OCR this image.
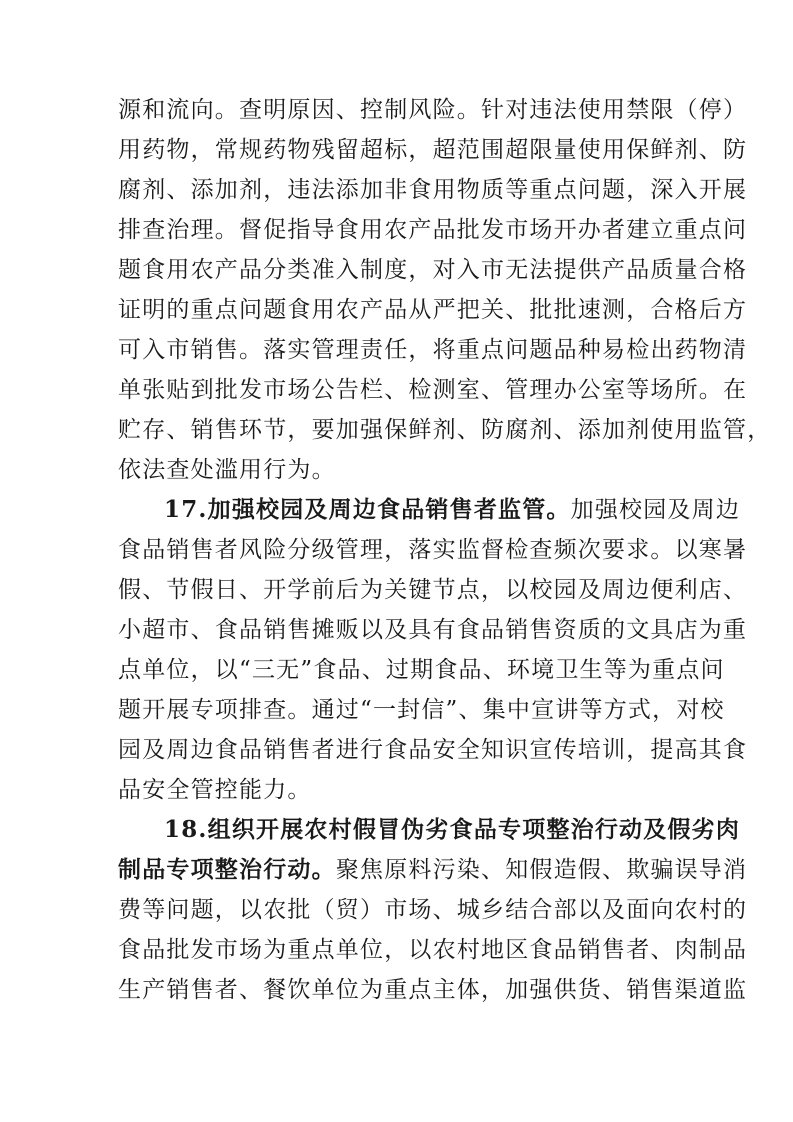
源和流向。查明原因、控制风险。针对违法使用禁限（停）
用药物，常规药物残留超标，超范围超限量使用保鲜剂、防
腐剂、添加剂，违法添加非食用物质等重点问题，深入开展
排查治理。督促指导食用农产品批发市场开办者建立重点问
题食用农产品分类准入制度，对入市无法提供产品质量合格
证明的重点问题食用农产品从严把关、批批速测，合格后方
可入市销售。落实管理责任，将重点问题品种易检出药物清
单张贴到批发市场公告栏、检测室、管理办公室等场所。在
贮存、销售环节，要加强保鲜剂、防腐剂、添加剂使用监管，
依法查处滥用行为。
17.加强校园及周边食品销售者监管。加强校园及周边
食品销售者风险分级管理，落实监督检查频次要求。以寒暑
假、节假日、开学前后为关键节点，以校园及周边便利店、
小超市、食品销售摊贩以及具有食品销售资质的文具店为重
点单位，以“三无”食品、过期食品、环境卫生等为重点问
题开展专项排查。通过“一封信”、集中宣讲等方式，对校
园及周边食品销售者进行食品安全知识宣传培训，提高其食
品安全管控能力。
18.组织开展农村假冒伪劣食品专项整治行动及假劣肉
制品专项整治行动。聚焦原料污染、知假造假、欺骗误导消
费等问题，以农批（贸）市场、城乡结合部以及面向农村的
食品批发市场为重点单位，以农村地区食品销售者、肉制品
生产销售者、餐饮单位为重点主体，加强供货、销售渠道监
